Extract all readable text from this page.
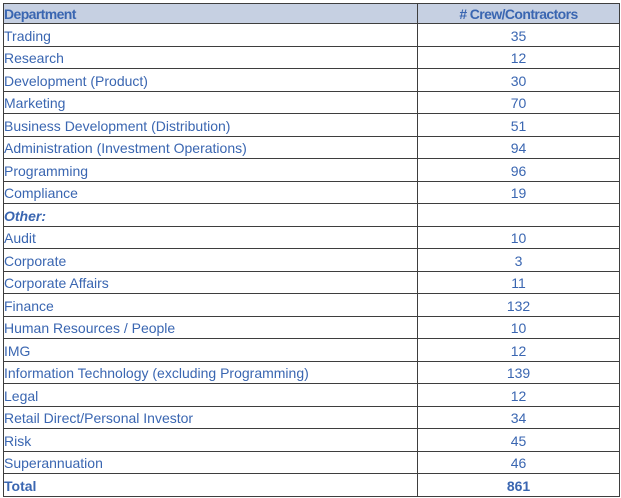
Department	# Crew/Contractors
Trading	35
Research	12
Development (Product)	30
Marketing	70
Business Development (Distribution)	51
Administration (Investment Operations)	94
Programming	96
Compliance	19
Other:	
Audit	10
Corporate	3
Corporate Affairs	11
Finance	132
Human Resources / People	10
IMG	12
Information Technology (excluding Programming)	139
Legal	12
Retail Direct/Personal Investor	34
Risk	45
Superannuation	46
Total	861
